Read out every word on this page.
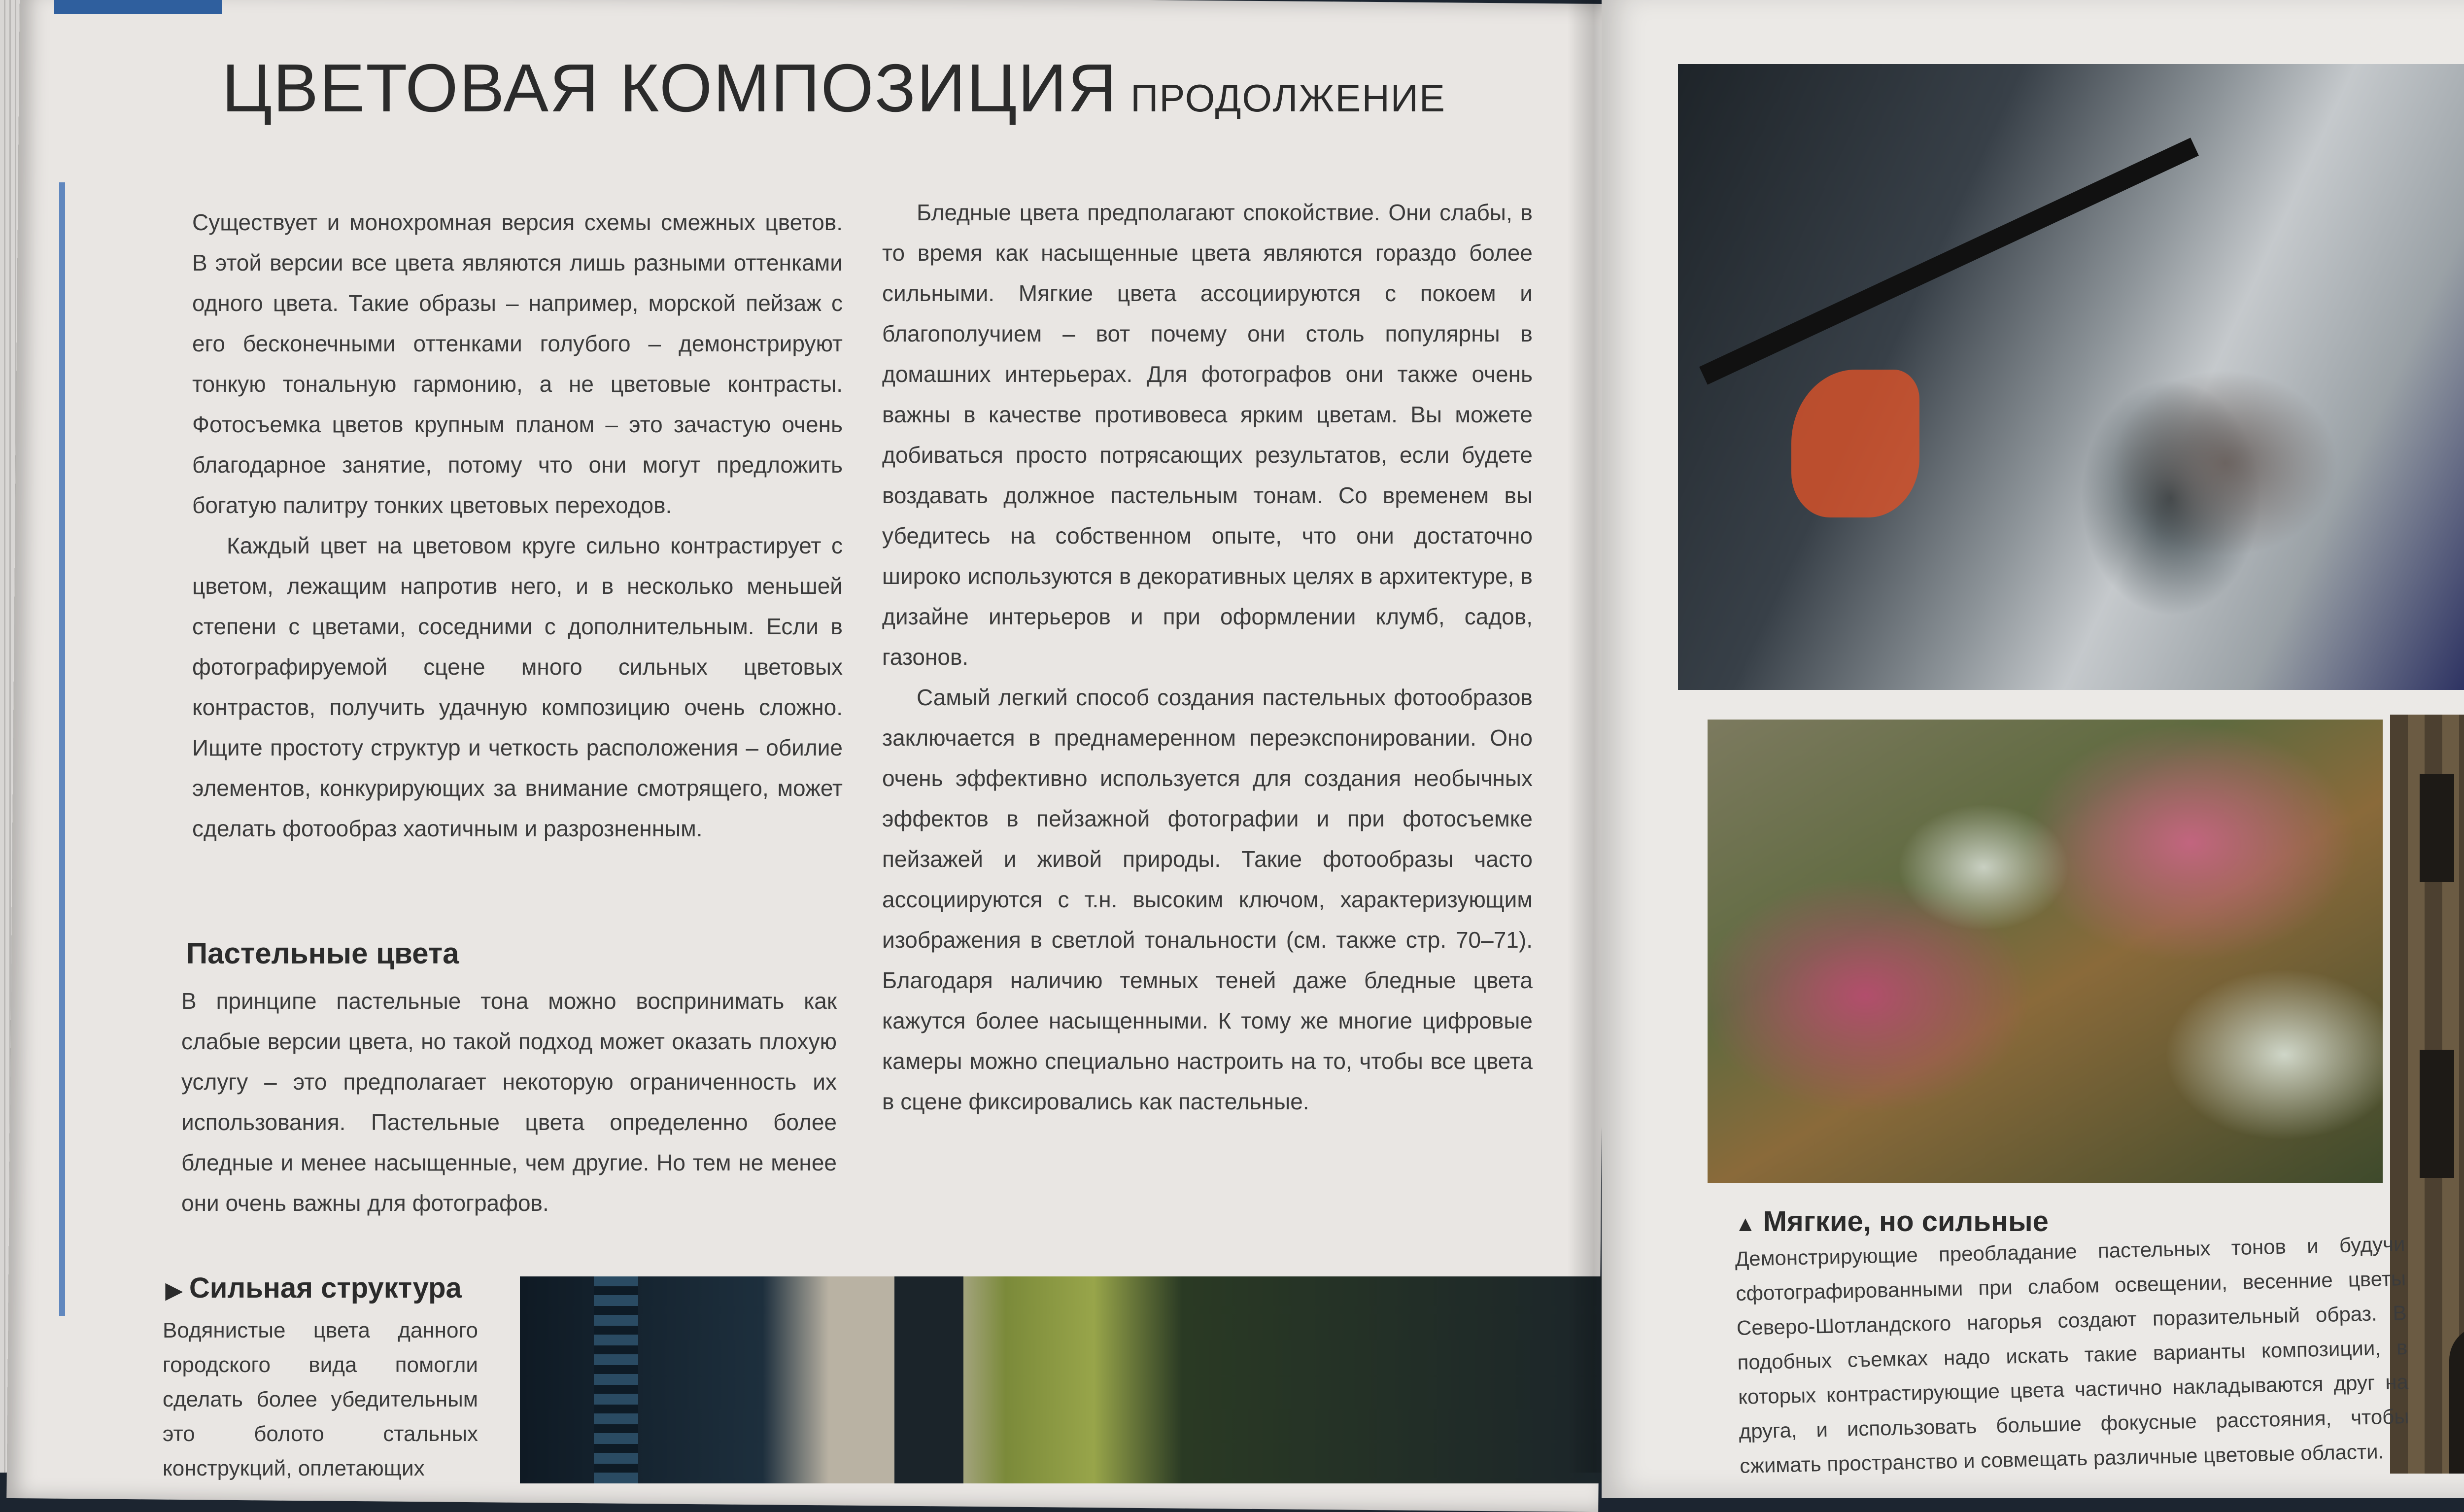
ЦВЕТОВАЯ КОМПОЗИЦИЯ ПРОДОЛЖЕНИЕ

Существует и монохромная версия схемы смежных цветов. В этой версии все цвета являются лишь разными оттенками одного цвета. Такие образы – например, морской пейзаж с его бесконечными оттенками голубого – демонстрируют тонкую тональную гармонию, а не цветовые контрасты. Фотосъемка цветов крупным планом – это зачастую очень благодарное занятие, потому что они могут предложить богатую палитру тонких цветовых переходов.

Каждый цвет на цветовом круге сильно контрастирует с цветом, лежащим напротив него, и в несколько меньшей степени с цветами, соседними с дополнительным. Если в фотографируемой сцене много сильных цветовых контрастов, получить удачную композицию очень сложно. Ищите простоту структур и четкость расположения – обилие элементов, конкурирующих за внимание смотрящего, может сделать фотообраз хаотичным и разрозненным.

Пастельные цвета

В принципе пастельные тона можно воспринимать как слабые версии цвета, но такой подход может оказать плохую услугу – это предполагает некоторую ограниченность их использования. Пастельные цвета определенно более бледные и менее насыщенные, чем другие. Но тем не менее они очень важны для фотографов.

Бледные цвета предполагают спокойствие. Они слабы, в то время как насыщенные цвета являются гораздо более сильными. Мягкие цвета ассоциируются с покоем и благополучием – вот почему они столь популярны в домашних интерьерах. Для фотографов они также очень важны в качестве противовеса ярким цветам. Вы можете добиваться просто потрясающих результатов, если будете воздавать должное пастельным тонам. Со временем вы убедитесь на собственном опыте, что они достаточно широко используются в декоративных целях в архитектуре, в дизайне интерьеров и при оформлении клумб, садов, газонов.

Самый легкий способ создания пастельных фотообразов заключается в преднамеренном переэкспонировании. Оно очень эффективно используется для создания необычных эффектов в пейзажной фотографии и при фотосъемке пейзажей и живой природы. Такие фотообразы часто ассоциируются с т.н. высоким ключом, характеризующим изображения в светлой тональности (см. также стр. 70–71). Благодаря наличию темных теней даже бледные цвета кажутся более насыщенными. К тому же многие цифровые камеры можно специально настроить на то, чтобы все цвета в сцене фиксировались как пастельные.

▶ Сильная структура
Водянистые цвета данного городского вида помогли сделать более убедительным это болото стальных конструкций, оплетающих
▲ Мягкие, но сильные
Демонстрирующие преобладание пастельных тонов и будучи сфотографированными при слабом освещении, весенние цветы Северо-Шотландского нагорья создают поразительный образ. В подобных съемках надо искать такие варианты композиции, в которых контрастирующие цвета частично накладываются друг на друга, и использовать большие фокусные расстояния, чтобы сжимать пространство и совмещать различные цветовые области.
